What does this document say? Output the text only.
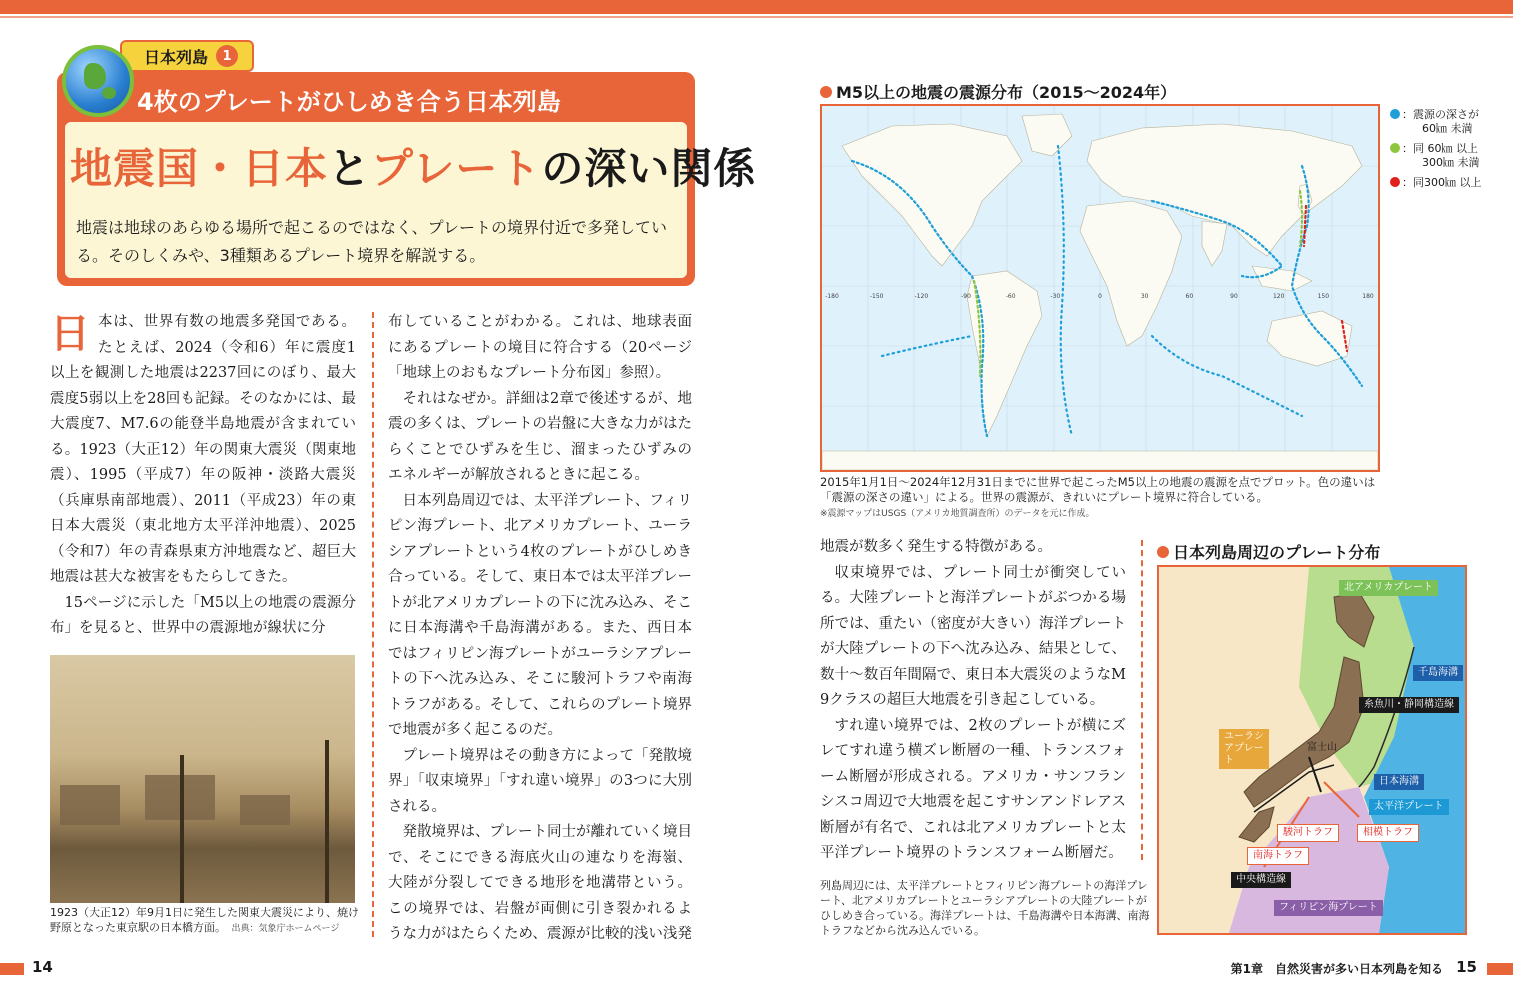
4枚のプレートがひしめき合う日本列島
日本列島	1
地震国・日本とプレートの深い関係
地震は地球のあらゆる場所で起こるのではなく、プレートの境界付近で多発している。そのしくみや、3種類あるプレート境界を解説する。

日本は、世界有数の地震多発国である。たとえば、2024（令和6）年に震度1以上を観測した地震は2237回にのぼり、最大震度5弱以上を28回も記録。そのなかには、最大震度7、M7.6の能登半島地震が含まれている。1923（大正12）年の関東大震災（関東地震）、1995（平成7）年の阪神・淡路大震災（兵庫県南部地震）、2011（平成23）年の東日本大震災（東北地方太平洋沖地震）、2025（令和7）年の青森県東方沖地震など、超巨大地震は甚大な被害をもたらしてきた。

15ページに示した「M5以上の地震の震源分布」を見ると、世界中の震源地が線状に分

1923（大正12）年9月1日に発生した関東大震災により、焼け野原となった東京駅の日本橋方面。　 出典：気象庁ホームページ

布していることがわかる。これは、地球表面にあるプレートの境目に符合する（20ページ「地球上のおもなプレート分布図」参照）。

それはなぜか。詳細は2章で後述するが、地震の多くは、プレートの岩盤に大きな力がはたらくことでひずみを生じ、溜まったひずみのエネルギーが解放されるときに起こる。

日本列島周辺では、太平洋プレート、フィリピン海プレート、北アメリカプレート、ユーラシアプレートという4枚のプレートがひしめき合っている。そして、東日本では太平洋プレートが北アメリカプレートの下に沈み込み、そこに日本海溝や千島海溝がある。また、西日本ではフィリピン海プレートがユーラシアプレートの下へ沈み込み、そこに駿河トラフや南海トラフがある。そして、これらのプレート境界で地震が多く起こるのだ。

プレート境界はその動き方によって「発散境界」「収束境界」「すれ違い境界」の3つに大別される。

発散境界は、プレート同士が離れていく境目で、そこにできる海底火山の連なりを海嶺、大陸が分裂してできる地形を地溝帯という。この境界では、岩盤が両側に引き裂かれるような力がはたらくため、震源が比較的浅い浅発

M5以上の地震の震源分布（2015〜2024年）
-180	-150	-120	-90	-60	-30	0	30	60	90	120	150	180
：震源の深さが
60㎞ 未満
：同 60㎞ 以上
300㎞ 未満
：同300㎞ 以上
2015年1月1日〜2024年12月31日までに世界で起こったM5以上の地震の震源を点でプロット。色の違いは「震源の深さの違い」による。世界の震源が、きれいにプレート境界に符合している。
※震源マップはUSGS（アメリカ地質調査所）のデータを元に作成。

地震が数多く発生する特徴がある。

収束境界では、プレート同士が衝突している。大陸プレートと海洋プレートがぶつかる場所では、重たい（密度が大きい）海洋プレートが大陸プレートの下へ沈み込み、結果として、数十〜数百年間隔で、東日本大震災のようなM 9クラスの超巨大地震を引き起こしている。

すれ違い境界では、2枚のプレートが横にズレてすれ違う横ズレ断層の一種、トランスフォーム断層が形成される。アメリカ・サンフランシスコ周辺で大地震を起こすサンアンドレアス断層が有名で、これは北アメリカプレートと太平洋プレート境界のトランスフォーム断層だ。

日本列島周辺のプレート分布
北アメリカプレート
千島海溝
糸魚川・静岡構造線
ユーラシアプレート
富士山
日本海溝
太平洋プレート
駿河トラフ	相模トラフ
南海トラフ
中央構造線
フィリピン海プレート
列島周辺には、太平洋プレートとフィリピン海プレートの海洋プレート、北アメリカプレートとユーラシアプレートの大陸プレートがひしめき合っている。海洋プレートは、千島海溝や日本海溝、南海トラフなどから沈み込んでいる。
14	第1章　自然災害が多い日本列島を知る 15
